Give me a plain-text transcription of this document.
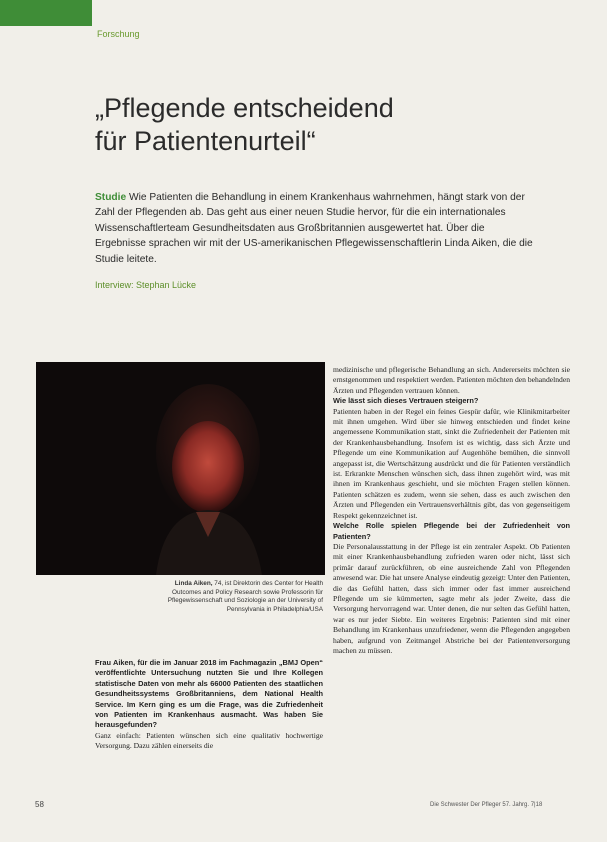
Forschung
„Pflegende entscheidend
für Patientenurteil“
Studie Wie Patienten die Behandlung in einem Krankenhaus wahrnehmen, hängt stark von der Zahl der Pflegenden ab. Das geht aus einer neuen Studie hervor, für die ein internationales Wissenschaftlerteam Gesundheitsdaten aus Großbritannien ausgewertet hat. Über die Ergebnisse sprachen wir mit der US-amerikanischen Pflegewissenschaftlerin Linda Aiken, die die Studie leitete.
Interview: Stephan Lücke
Linda Aiken, 74, ist Direktorin des Center for Health Outcomes and Policy Research sowie Professorin für Pflegewissenschaft und Soziologie an der University of Pennsylvania in Philadelphia/USA

Frau Aiken, für die im Januar 2018 im Fachmagazin „BMJ Open“ veröffentlichte Untersuchung nutzten Sie und Ihre Kollegen statistische Daten von mehr als 66000 Patienten des staatlichen Gesundheitssystems Großbritanniens, dem National Health Service. Im Kern ging es um die Frage, was die Zufriedenheit von Patienten im Krankenhaus ausmacht. Was haben Sie herausgefunden?

Ganz einfach: Patienten wünschen sich eine qualitativ hochwertige Versorgung. Dazu zählen einerseits die

medizinische und pflegerische Behandlung an sich. Andererseits möchten sie ernstgenommen und respektiert werden. Patienten möchten den behandelnden Ärzten und Pflegenden vertrauen können.

Wie lässt sich dieses Vertrauen steigern?

Patienten haben in der Regel ein feines Gespür dafür, wie Klinikmitarbeiter mit ihnen umgehen. Wird über sie hinweg entschieden und findet keine angemessene Kommunikation statt, sinkt die Zufriedenheit der Patienten mit der Krankenhausbehandlung. Insofern ist es wichtig, dass sich Ärzte und Pflegende um eine Kommunikation auf Augenhöhe bemühen, die sinnvoll angepasst ist, die Wertschätzung ausdrückt und die für Patienten verständlich ist. Erkrankte Menschen wünschen sich, dass ihnen zugehört wird, was mit ihnen im Krankenhaus geschieht, und sie möchten Fragen stellen können. Patienten schätzen es zudem, wenn sie sehen, dass es auch zwischen den Ärzten und Pflegenden ein Vertrauensverhältnis gibt, das von gegenseitigem Respekt gekennzeichnet ist.

Welche Rolle spielen Pflegende bei der Zufriedenheit von Patienten?

Die Personalausstattung in der Pflege ist ein zentraler Aspekt. Ob Patienten mit einer Krankenhausbehandlung zufrieden waren oder nicht, lässt sich primär darauf zurückführen, ob eine ausreichende Zahl von Pflegenden anwesend war. Die hat unsere Analyse eindeutig gezeigt: Unter den Patienten, die das Gefühl hatten, dass sich immer oder fast immer ausreichend Pflegende um sie kümmerten, sagte mehr als jeder Zweite, dass die Versorgung hervorragend war. Unter denen, die nur selten das Gefühl hatten, war es nur jeder Siebte. Ein weiteres Ergebnis: Patienten sind mit einer Behandlung im Krankenhaus unzufriedener, wenn die Pflegenden angegeben haben, aufgrund von Zeitmangel Abstriche bei der Patientenversorgung machen zu müssen.

58	Die Schwester Der Pfleger 57. Jahrg. 7|18
